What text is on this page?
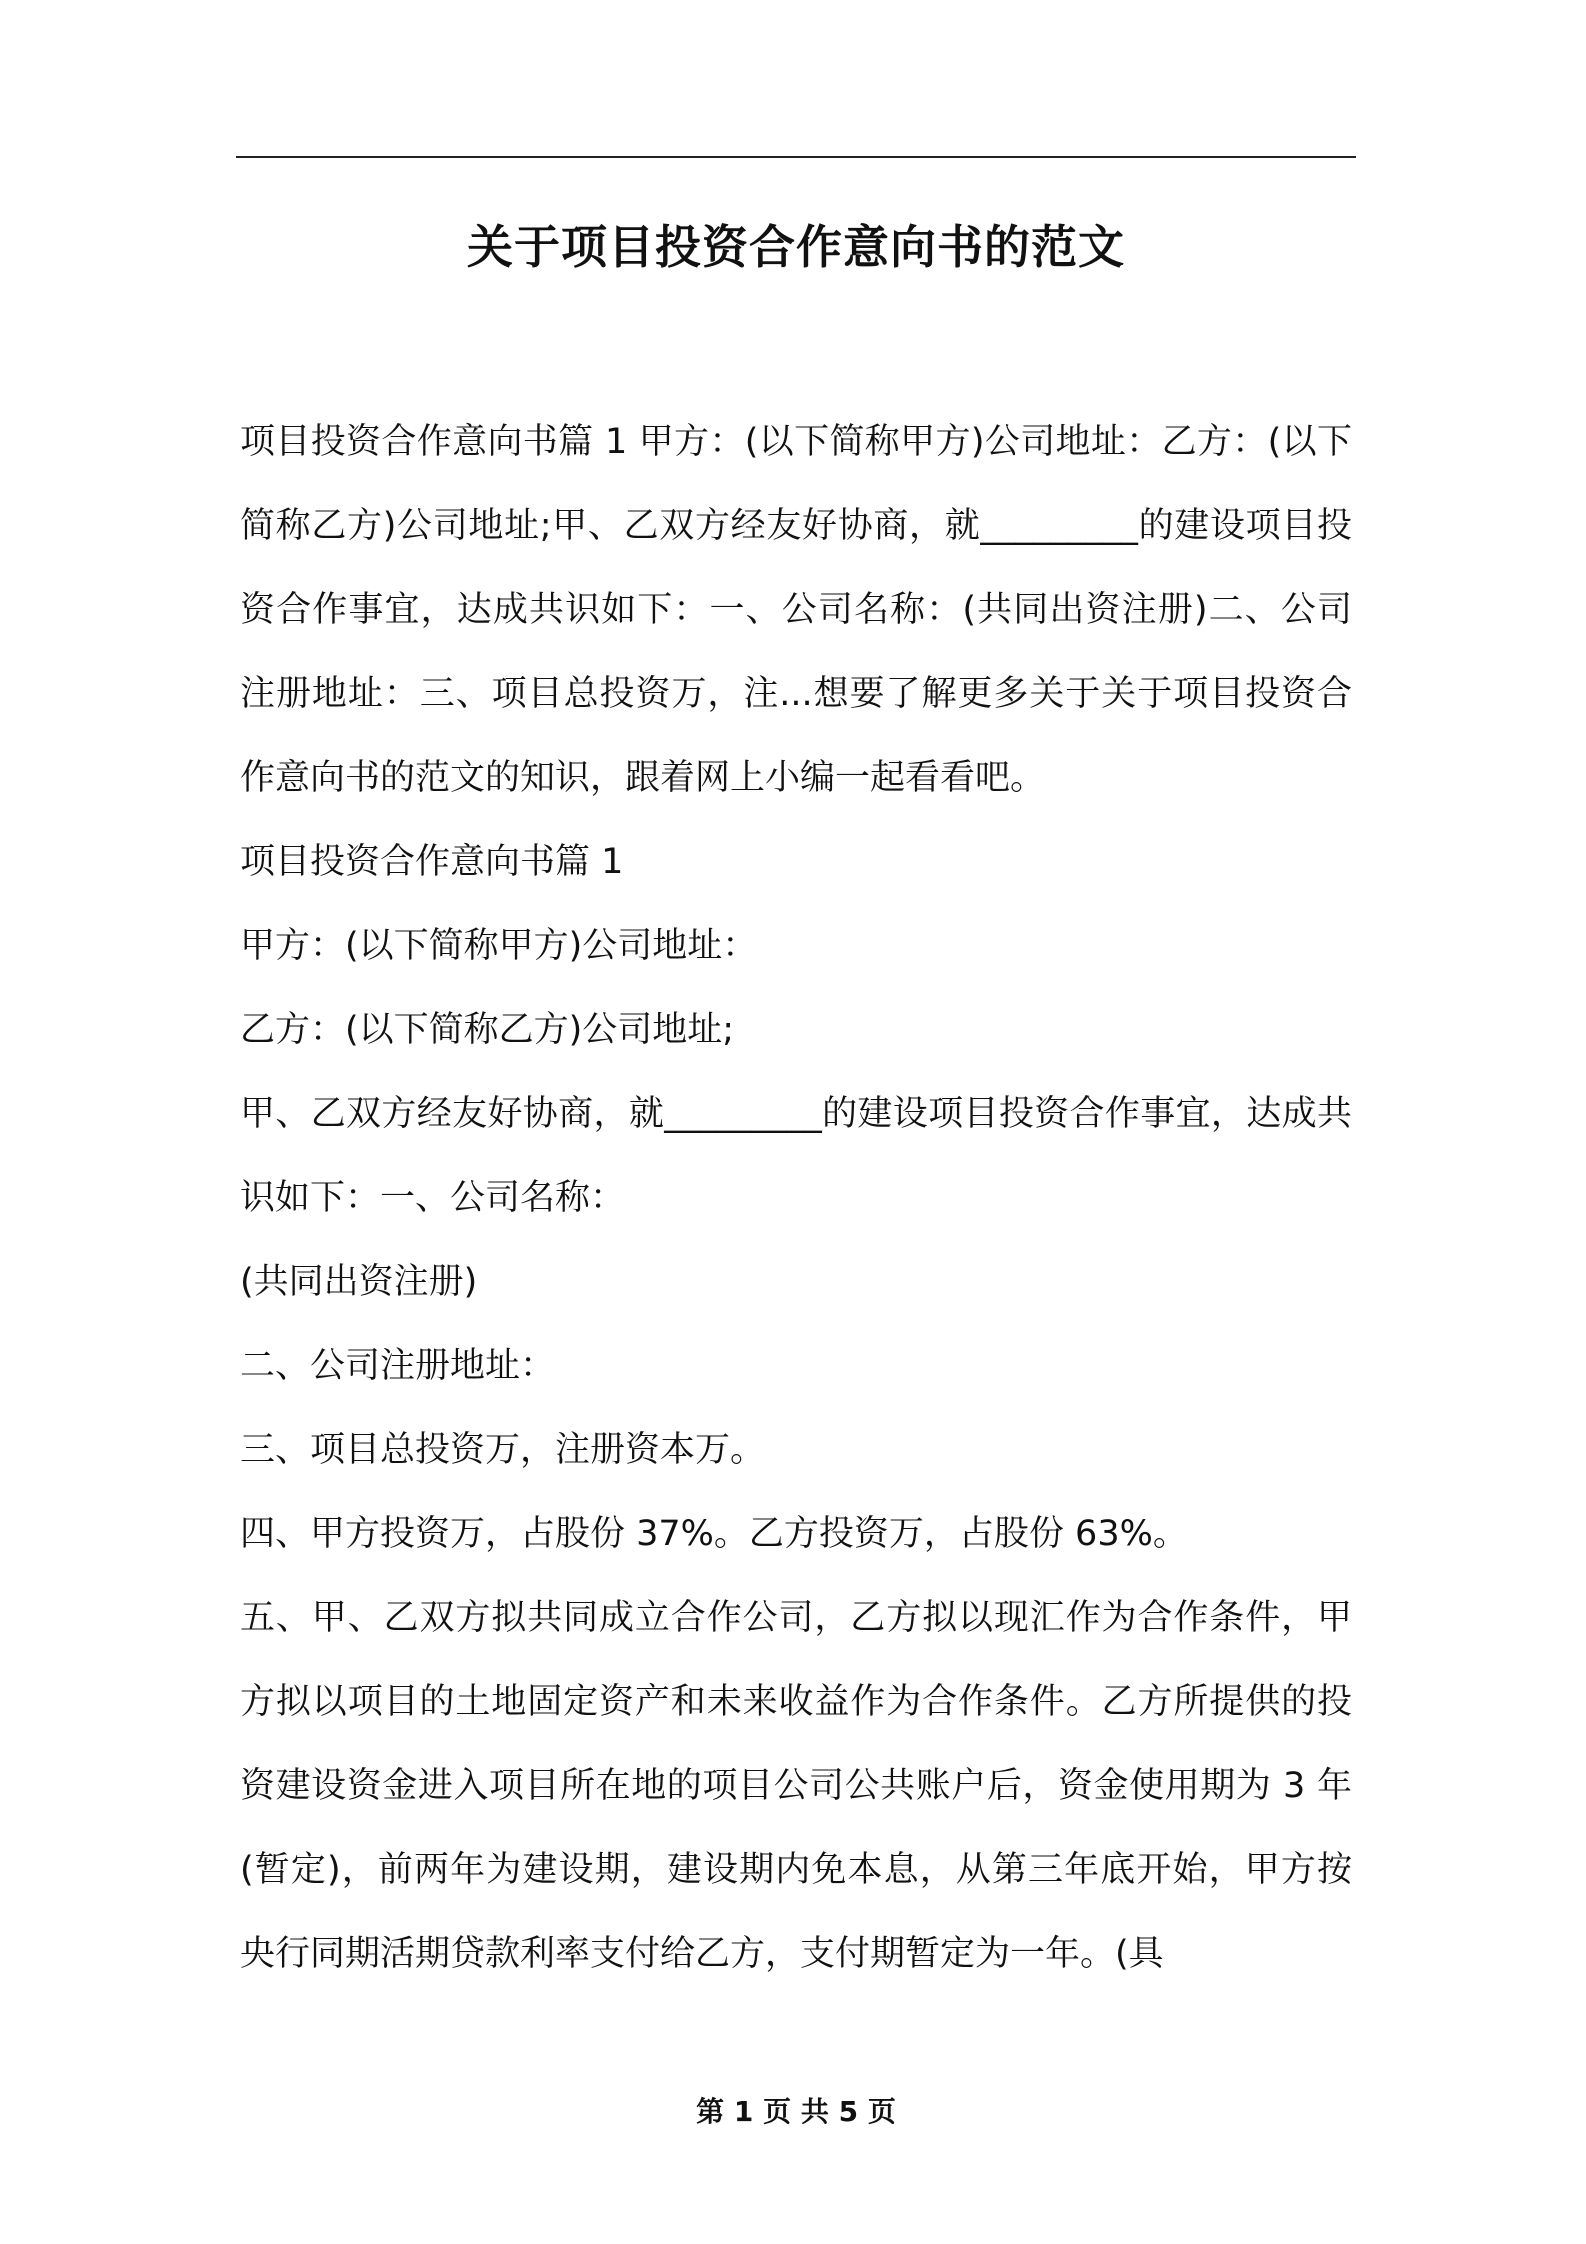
关于项目投资合作意向书的范文

项目投资合作意向书篇 1 甲方：(以下简称甲方)公司地址：乙方：(以下简称乙方)公司地址;甲、乙双方经友好协商，就_________的建设项目投资合作事宜，达成共识如下：一、公司名称：(共同出资注册)二、公司注册地址：三、项目总投资万，注...想要了解更多关于关于项目投资合作意向书的范文的知识，跟着网上小编一起看看吧。

项目投资合作意向书篇 1

甲方：(以下简称甲方)公司地址：

乙方：(以下简称乙方)公司地址;

甲、乙双方经友好协商，就_________的建设项目投资合作事宜，达成共识如下：一、公司名称：

(共同出资注册)

二、公司注册地址：

三、项目总投资万，注册资本万。

四、甲方投资万，占股份 37%。乙方投资万，占股份 63%。

五、甲、乙双方拟共同成立合作公司，乙方拟以现汇作为合作条件，甲方拟以项目的土地固定资产和未来收益作为合作条件。乙方所提供的投资建设资金进入项目所在地的项目公司公共账户后，资金使用期为 3 年(暂定)，前两年为建设期，建设期内免本息，从第三年底开始，甲方按央行同期活期贷款利率支付给乙方，支付期暂定为一年。(具

第 1 页 共 5 页
